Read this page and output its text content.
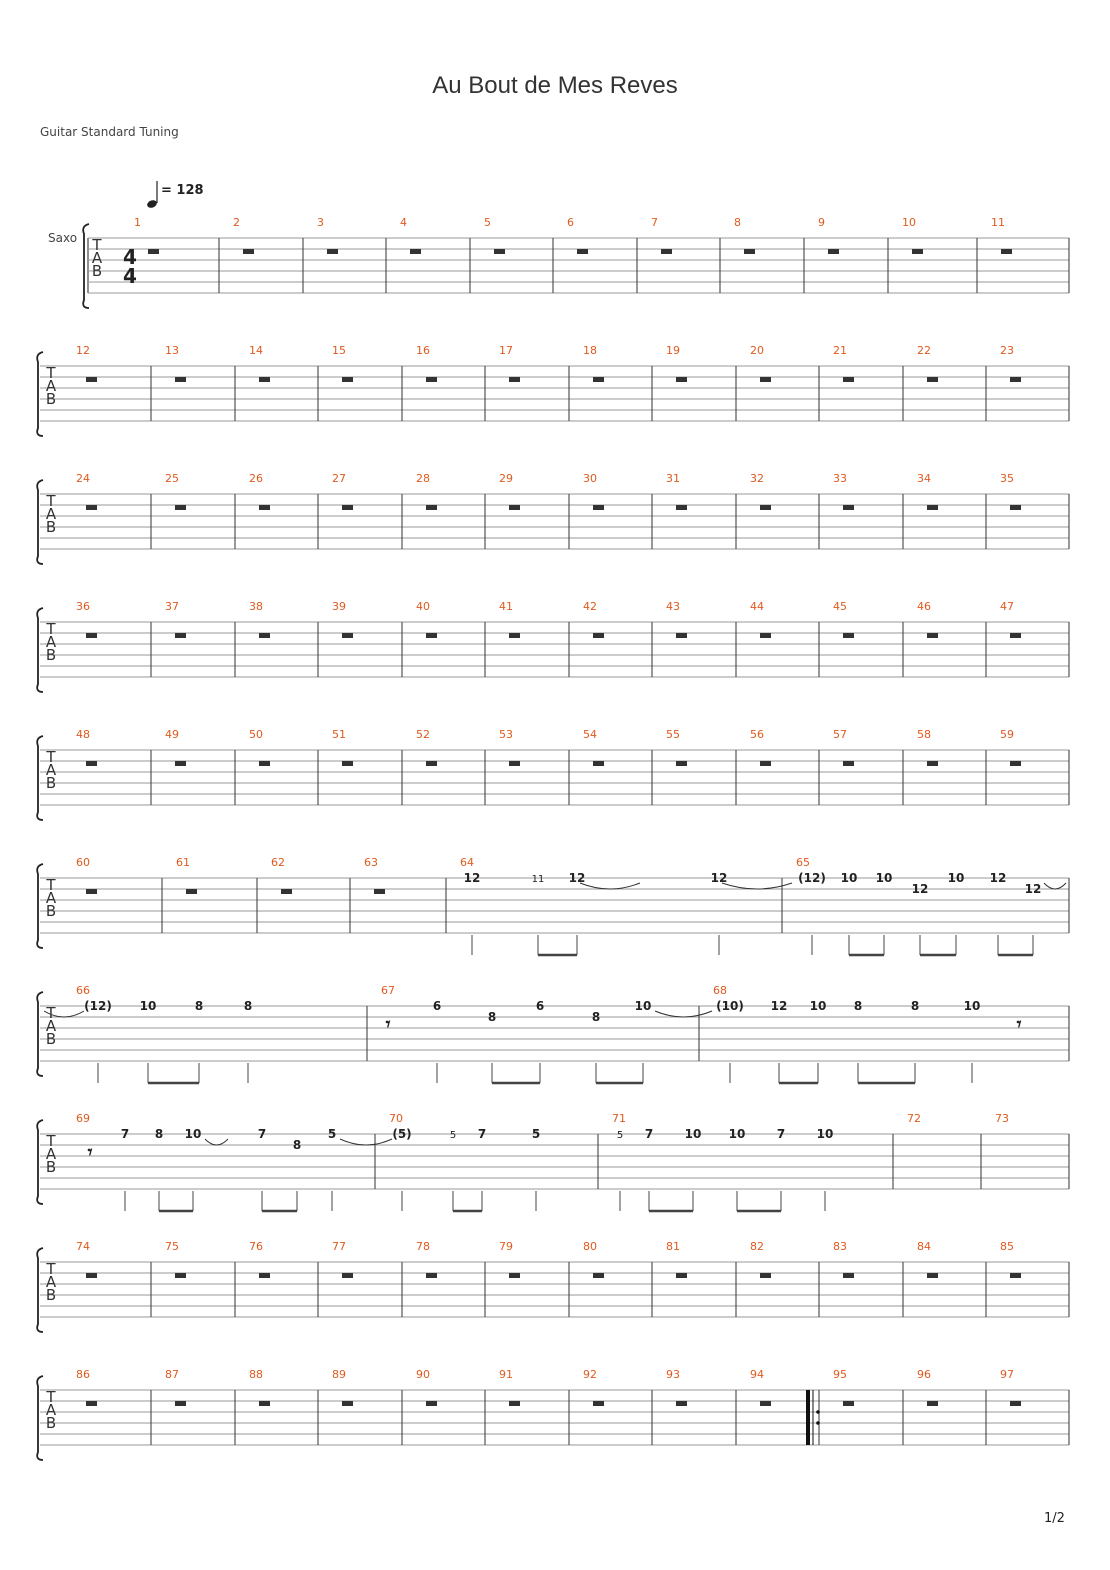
Au Bout de Mes Reves
Guitar Standard Tuning
1/2
= 128
Saxo T
A
B
4
4
1	2	3	4	5	6	7	8	9	10	11
T
A
B
12	13	14	15	16	17	18	19	20	21	22	23
T
A
B
24	25	26	27	28	29	30	31	32	33	34	35
T
A
B
36	37	38	39	40	41	42	43	44	45	46	47
T
A
B
48	49	50	51	52	53	54	55	56	57	58	59
T
A
B
60	61	62	63	64	65
T
A
B
66	67	68
T
A
B
69	70	71	72	73
T
A
B
74	75	76	77	78	79	80	81	82	83	84	85
T
A
B
86	87	88	89	90	91	92	93	94	95	96	97
12	11 12	12	(12) 10 10
12
10 12
12
(12) 10	8	8	6
8
6
8
10	(10) 12 10 8	8	10
7 8 10	7
8
5	(5)	5 7	5	5 7	10 10	7	10
𝄾	𝄾
𝄾
